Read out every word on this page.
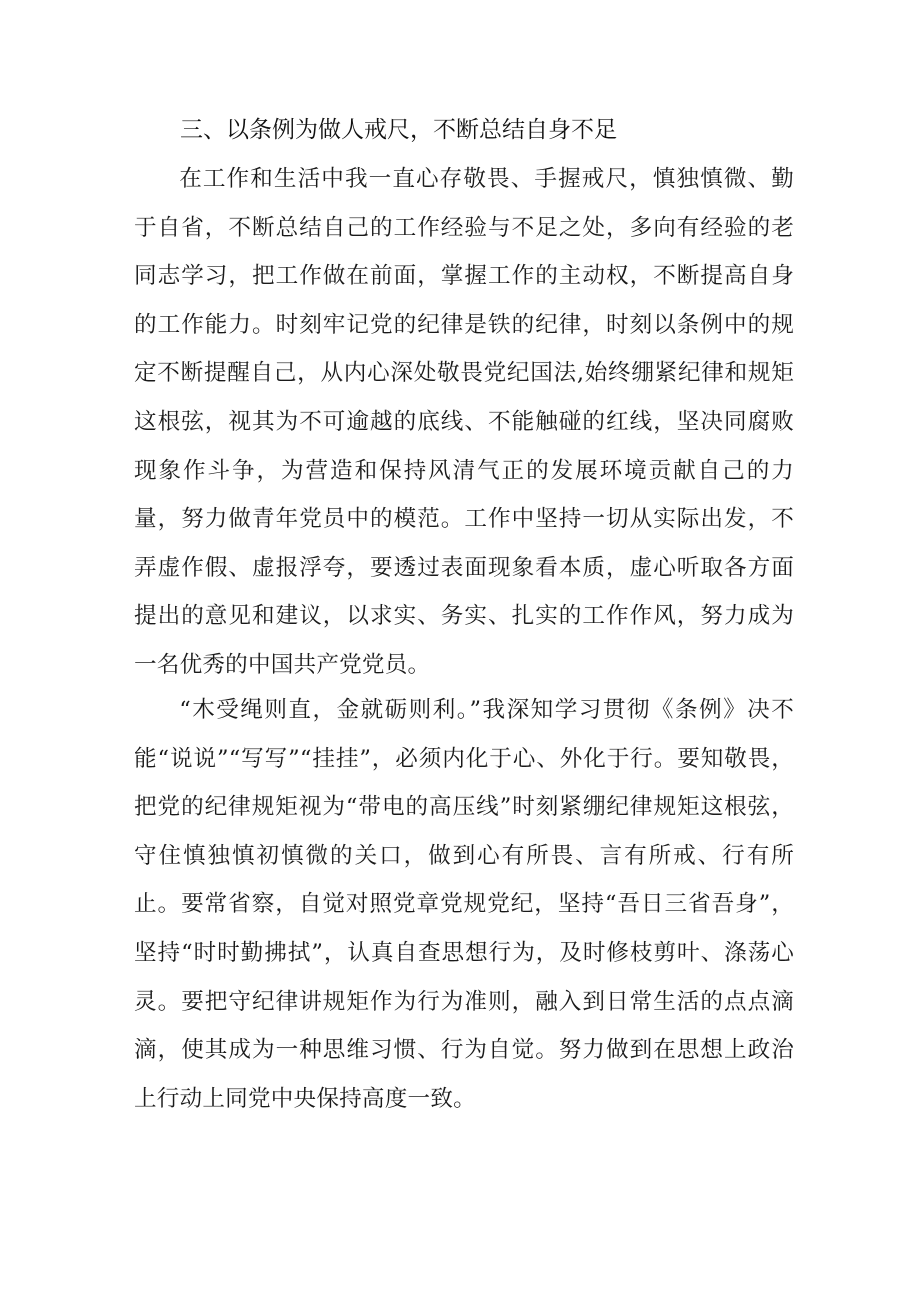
三、以条例为做人戒尺，不断总结自身不足

在工作和生活中我一直心存敬畏、手握戒尺，慎独慎微、勤于自省，不断总结自己的工作经验与不足之处，多向有经验的老同志学习，把工作做在前面，掌握工作的主动权，不断提高自身的工作能力。时刻牢记党的纪律是铁的纪律，时刻以条例中的规定不断提醒自己，从内心深处敬畏党纪国法,始终绷紧纪律和规矩这根弦，视其为不可逾越的底线、不能触碰的红线，坚决同腐败现象作斗争，为营造和保持风清气正的发展环境贡献自己的力量，努力做青年党员中的模范。工作中坚持一切从实际出发，不弄虚作假、虚报浮夸，要透过表面现象看本质，虚心听取各方面提出的意见和建议，以求实、务实、扎实的工作作风，努力成为一名优秀的中国共产党党员。

“木受绳则直，金就砺则利。”我深知学习贯彻《条例》决不能“说说”“写写”“挂挂”，必须内化于心、外化于行。要知敬畏，把党的纪律规矩视为“带电的高压线”时刻紧绷纪律规矩这根弦，守住慎独慎初慎微的关口，做到心有所畏、言有所戒、行有所止。要常省察，自觉对照党章党规党纪，坚持“吾日三省吾身”，坚持“时时勤拂拭”，认真自查思想行为，及时修枝剪叶、涤荡心灵。要把守纪律讲规矩作为行为准则，融入到日常生活的点点滴滴，使其成为一种思维习惯、行为自觉。努力做到在思想上政治上行动上同党中央保持高度一致。
